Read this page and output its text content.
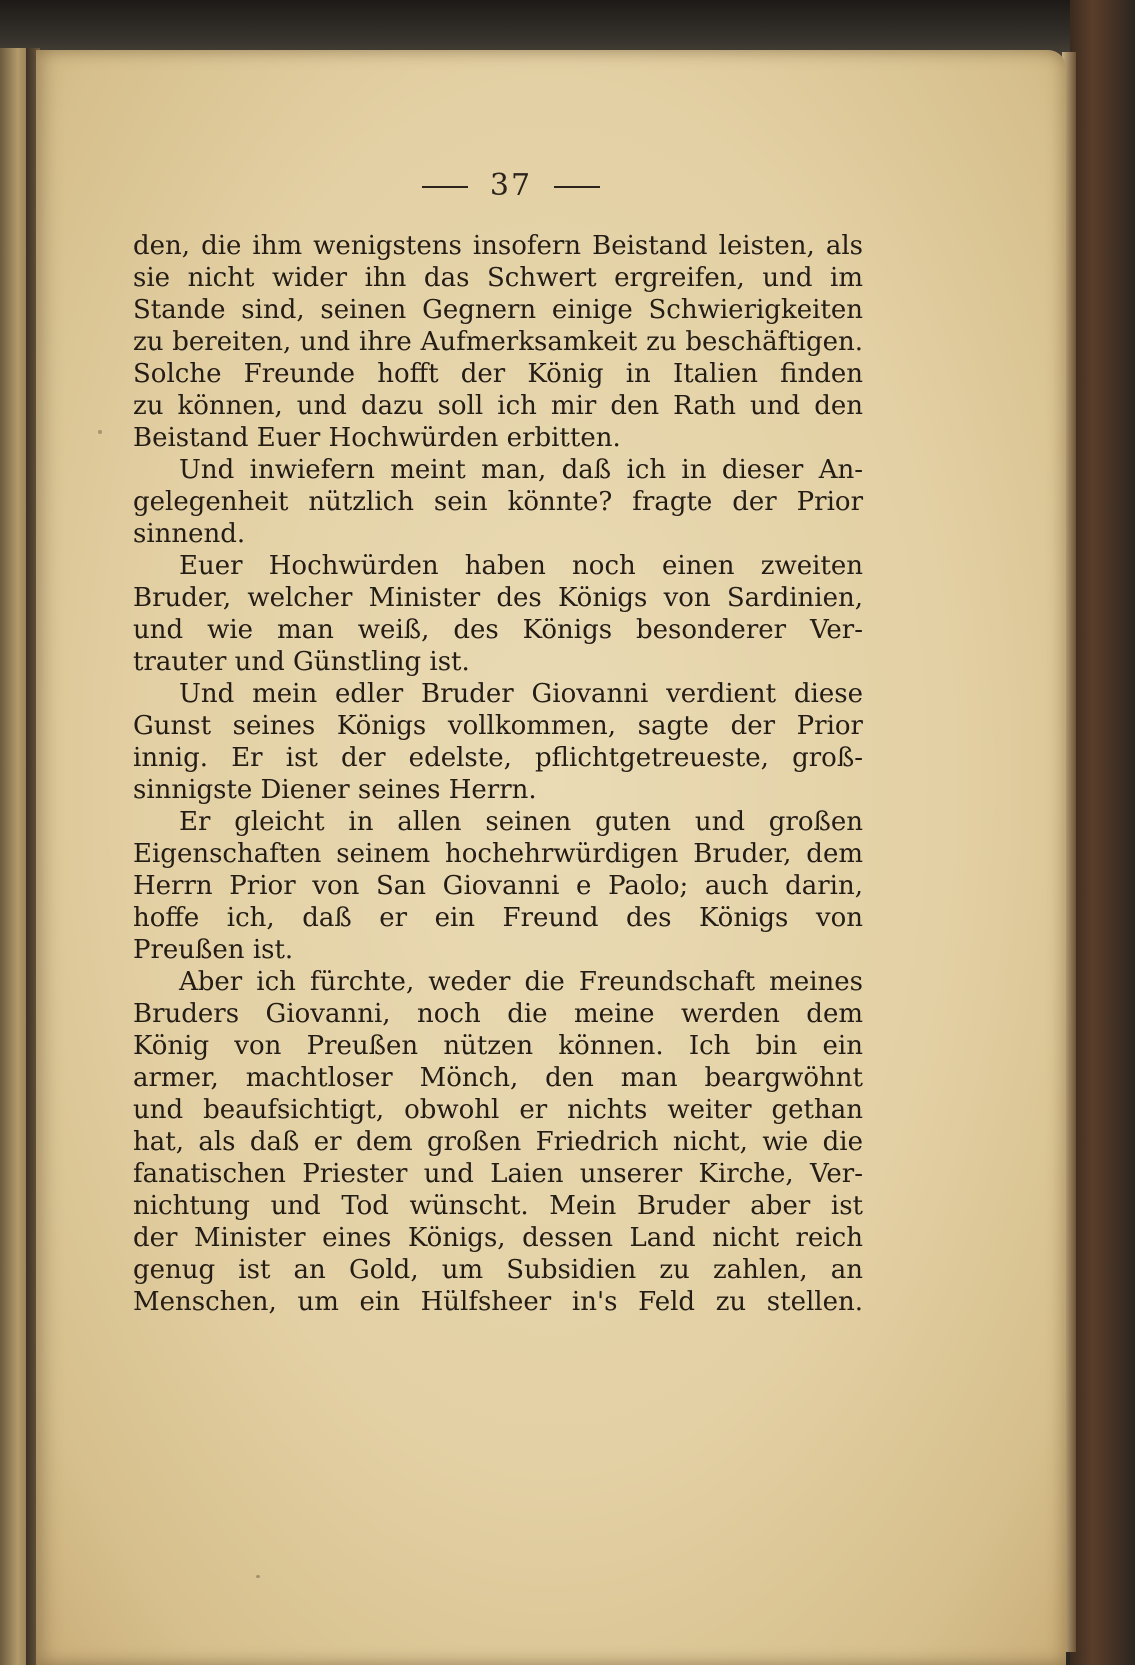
37
den, die ihm wenigstens insofern Beistand leisten, als
sie nicht wider ihn das Schwert ergreifen, und im
Stande sind, seinen Gegnern einige Schwierigkeiten
zu bereiten, und ihre Aufmerksamkeit zu beschäftigen.
Solche Freunde hofft der König in Italien finden
zu können, und dazu soll ich mir den Rath und den
Beistand Euer Hochwürden erbitten.
Und inwiefern meint man, daß ich in dieser An-
gelegenheit nützlich sein könnte? fragte der Prior
sinnend.
Euer Hochwürden haben noch einen zweiten
Bruder, welcher Minister des Königs von Sardinien,
und wie man weiß, des Königs besonderer Ver-
trauter und Günstling ist.
Und mein edler Bruder Giovanni verdient diese
Gunst seines Königs vollkommen, sagte der Prior
innig. Er ist der edelste, pflichtgetreueste, groß-
sinnigste Diener seines Herrn.
Er gleicht in allen seinen guten und großen
Eigenschaften seinem hochehrwürdigen Bruder, dem
Herrn Prior von San Giovanni e Paolo; auch darin,
hoffe ich, daß er ein Freund des Königs von
Preußen ist.
Aber ich fürchte, weder die Freundschaft meines
Bruders Giovanni, noch die meine werden dem
König von Preußen nützen können. Ich bin ein
armer, machtloser Mönch, den man beargwöhnt
und beaufsichtigt, obwohl er nichts weiter gethan
hat, als daß er dem großen Friedrich nicht, wie die
fanatischen Priester und Laien unserer Kirche, Ver-
nichtung und Tod wünscht. Mein Bruder aber ist
der Minister eines Königs, dessen Land nicht reich
genug ist an Gold, um Subsidien zu zahlen, an
Menschen, um ein Hülfsheer in's Feld zu stellen.
